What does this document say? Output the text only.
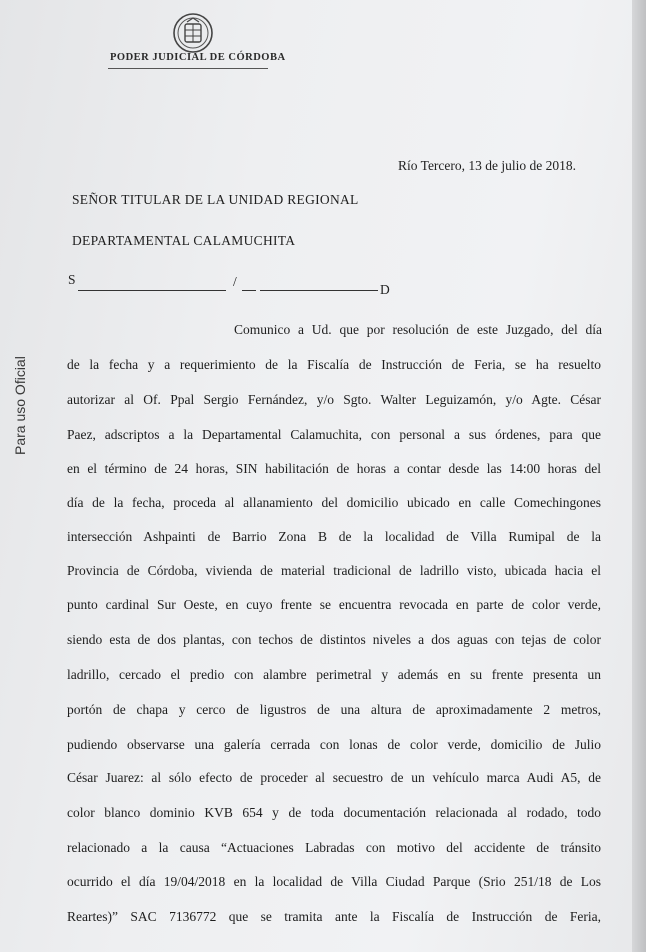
PODER JUDICIAL DE CÓRDOBA
Para uso Oficial
Río Tercero, 13 de julio de 2018.
SEÑOR TITULAR DE LA UNIDAD REGIONAL
DEPARTAMENTAL CALAMUCHITA
S	/
D
Comunico a Ud. que por resolución de este Juzgado, del día
de la fecha y a requerimiento de la Fiscalía de Instrucción de Feria, se ha resuelto
autorizar al Of. Ppal Sergio Fernández, y/o Sgto. Walter Leguizamón, y/o Agte. César
Paez, adscriptos a la Departamental Calamuchita, con personal a sus órdenes, para que
en el término de 24 horas, SIN habilitación de horas a contar desde las 14:00 horas del
día de la fecha, proceda al allanamiento del domicilio ubicado en calle Comechingones
intersección Ashpainti de Barrio Zona B de la localidad de Villa Rumipal de la
Provincia de Córdoba, vivienda de material tradicional de ladrillo visto, ubicada hacia el
punto cardinal Sur Oeste, en cuyo frente se encuentra revocada en parte de color verde,
siendo esta de dos plantas, con techos de distintos niveles a dos aguas con tejas de color
ladrillo, cercado el predio con alambre perimetral y además en su frente presenta un
portón de chapa y cerco de ligustros de una altura de aproximadamente 2 metros,
pudiendo observarse una galería cerrada con lonas de color verde, domicilio de Julio
César Juarez: al sólo efecto de proceder al secuestro de un vehículo marca Audi A5, de
color blanco dominio KVB 654 y de toda documentación relacionada al rodado, todo
relacionado a la causa “Actuaciones Labradas con motivo del accidente de tránsito
ocurrido el día 19/04/2018 en la localidad de Villa Ciudad Parque (Srio 251/18 de Los
Reartes)” SAC 7136772 que se tramita ante la Fiscalía de Instrucción de Feria,
